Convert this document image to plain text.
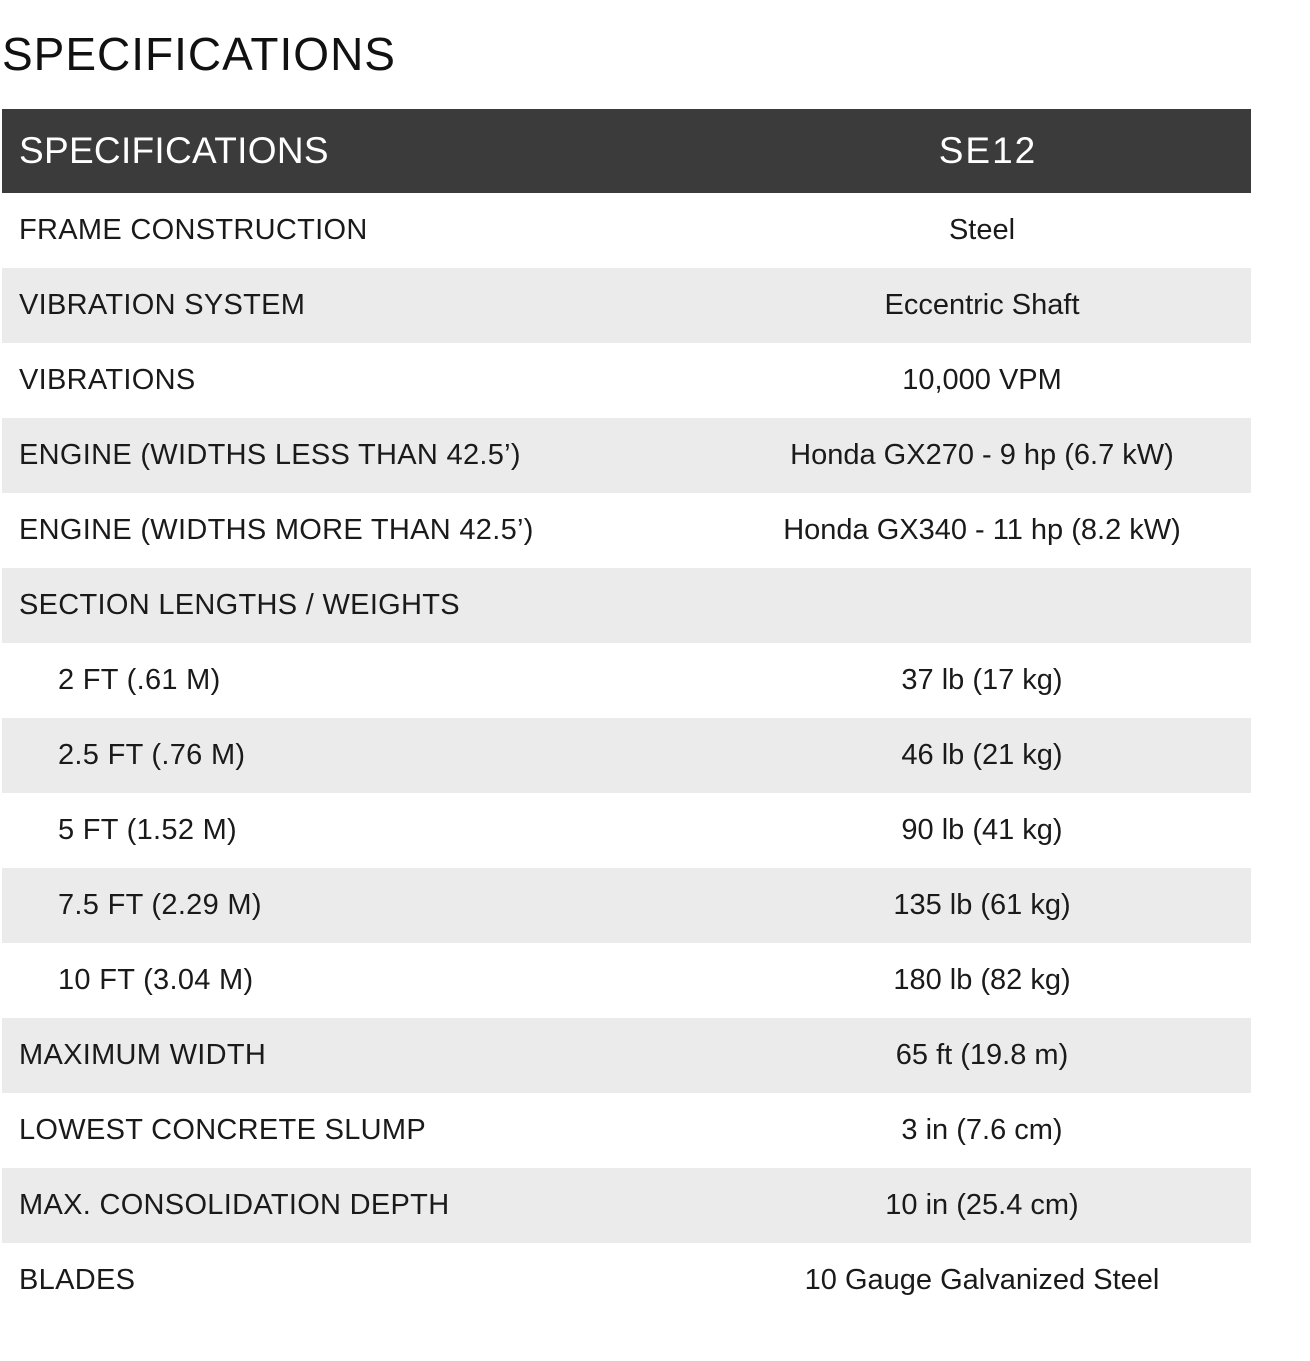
SPECIFICATIONS
SPECIFICATIONS	SE12
FRAME CONSTRUCTION	Steel
VIBRATION SYSTEM	Eccentric Shaft
VIBRATIONS	10,000 VPM
ENGINE (WIDTHS LESS THAN 42.5’)	Honda GX270 - 9 hp (6.7 kW)
ENGINE (WIDTHS MORE THAN 42.5’)	Honda GX340 - 11 hp (8.2 kW)
SECTION LENGTHS / WEIGHTS
2 FT (.61 M)	37 lb (17 kg)
2.5 FT (.76 M)	46 lb (21 kg)
5 FT (1.52 M)	90 lb (41 kg)
7.5 FT (2.29 M)	135 lb (61 kg)
10 FT (3.04 M)	180 lb (82 kg)
MAXIMUM WIDTH	65 ft (19.8 m)
LOWEST CONCRETE SLUMP	3 in (7.6 cm)
MAX. CONSOLIDATION DEPTH	10 in (25.4 cm)
BLADES	10 Gauge Galvanized Steel
